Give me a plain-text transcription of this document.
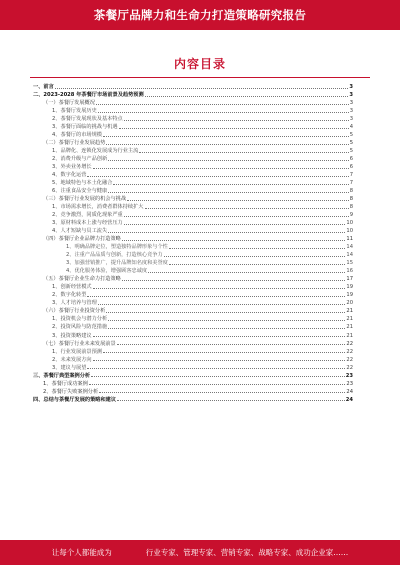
茶餐厅品牌力和生命力打造策略研究报告
内容目录
一、前言	3
二、2023-2028 年茶餐厅市场前景及趋势预测	3
（一）茶餐厅发展概况	3
1、茶餐厅发展历史	3
2、茶餐厅发展现状及基本特点	3
3、茶餐厅面临的挑战与机遇	4
4、茶餐厅的市场规模	5
（二）茶餐厅行业发展趋势	5
1、品牌化、连锁化发展成为行业主流	5
2、消费升级与产品创新	6
3、外卖业务增长	6
4、数字化运营	7
5、地域特色与本土化融合	7
6、注重食品安全与健康	8
（三）茶餐厅行业发展的机会与挑战	8
1、市场需求增长，消费者群体持续扩大	8
2、竞争激烈，同质化现象严重	9
3、原材料成本上涨与经营压力	10
4、人才短缺与员工流失	10
（四）茶餐厅企业品牌力打造策略	11
1、明确品牌定位，塑造独特品牌形象与个性	14
2、注重产品品质与创新，打造核心竞争力	14
3、加强营销推广，提升品牌知名度和美誉度	15
4、优化服务体验，增强顾客忠诚度	16
（五）茶餐厅企业生命力打造策略	17
1、创新经营模式	19
2、数字化转型	19
3、人才培养与管理	20
（六）茶餐厅行业投资分析	21
1、投资机会与潜力分析	21
2、投资风险与防范措施	21
3、投资策略建议	21
（七）茶餐厅行业未来发展前景	22
1、行业发展前景预测	22
2、未来发展方向	22
3、建议与展望	22
三、茶餐厅典型案例分析	23
1、茶餐厅成功案例	23
2、茶餐厅失败案例分析	24
四、总结与茶餐厅发展的策略和建议	24
让每个人都能成为	行业专家、管理专家、营销专家、战略专家、成功企业家……
